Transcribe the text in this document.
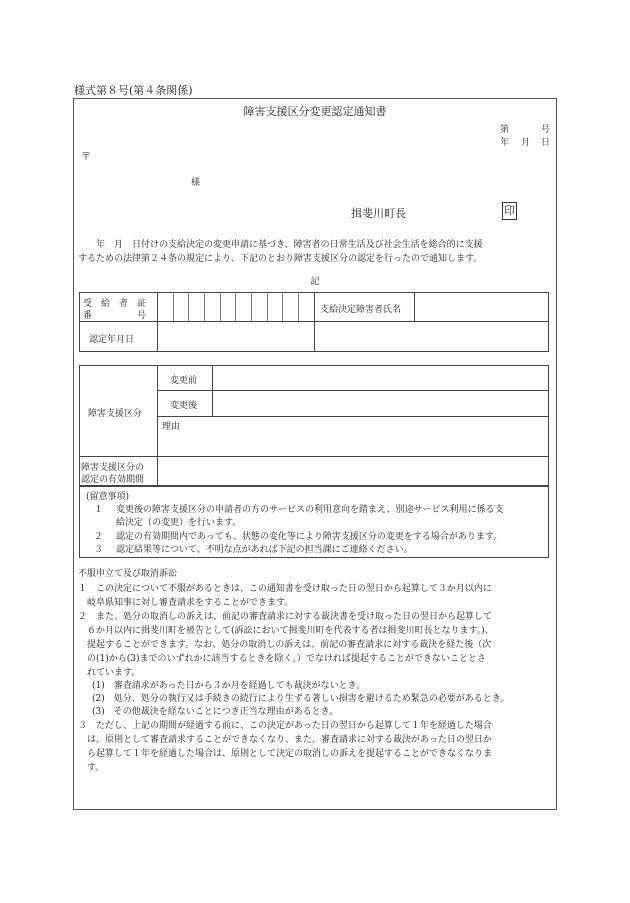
様式第８号(第４条関係)
障害支援区分変更認定通知書
第	号
年 月 日
〒
様
揖斐川町長	印
　　年　月　日付けの支給決定の変更申請に基づき、障害者の日常生活及び社会生活を総合的に支援
するための法律第２４条の規定により、下記のとおり障害支援区分の認定を行ったので通知します。
記
受　給　者　証
番　　　　　号
支給決定障害者氏名
認定年月日
障害支援区分
変更前
変更後
理由
障害支援区分の
認定の有効期間
(留意事項)
１ 変更後の障害支援区分の申請者の方のサービスの利用意向を踏まえ、別途サービス利用に係る支
給決定（の変更）を行います。
２ 認定の有効期間内であっても、状態の変化等により障害支援区分の変更をする場合があります。
３ 認定結果等について、不明な点があれば下記の担当課にご連絡ください。
不服申立て及び取消訴訟
１　この決定について不服があるときは、この通知書を受け取った日の翌日から起算して３か月以内に
　岐阜県知事に対し審査請求をすることができます。
２　また、処分の取消しの訴えは、前記の審査請求に対する裁決書を受け取った日の翌日から起算して
　６か月以内に揖斐川町を被告として(訴訟において揖斐川町を代表する者は揖斐川町長となります。)、
　提起することができます。なお、処分の取消しの訴えは、前記の審査請求に対する裁決を経た後（次
　の(1)から(3)までのいずれかに該当するときを除く。）でなければ提起することができないこととさ
　れています。
(1)　審査請求があった日から３か月を経過しても裁決がないとき。
(2)　処分、処分の執行又は手続きの続行により生ずる著しい損害を避けるため緊急の必要があるとき。
(3)　その他裁決を経ないことにつき正当な理由があるとき。
３　ただし、上記の期間が経過する前に、この決定があった日の翌日から起算して１年を経過した場合
　は、原則として審査請求することができなくなり、また、審査請求に対する裁決があった日の翌日か
　ら起算して１年を経過した場合は、原則として決定の取消しの訴えを提起することができなくなりま
　す。
